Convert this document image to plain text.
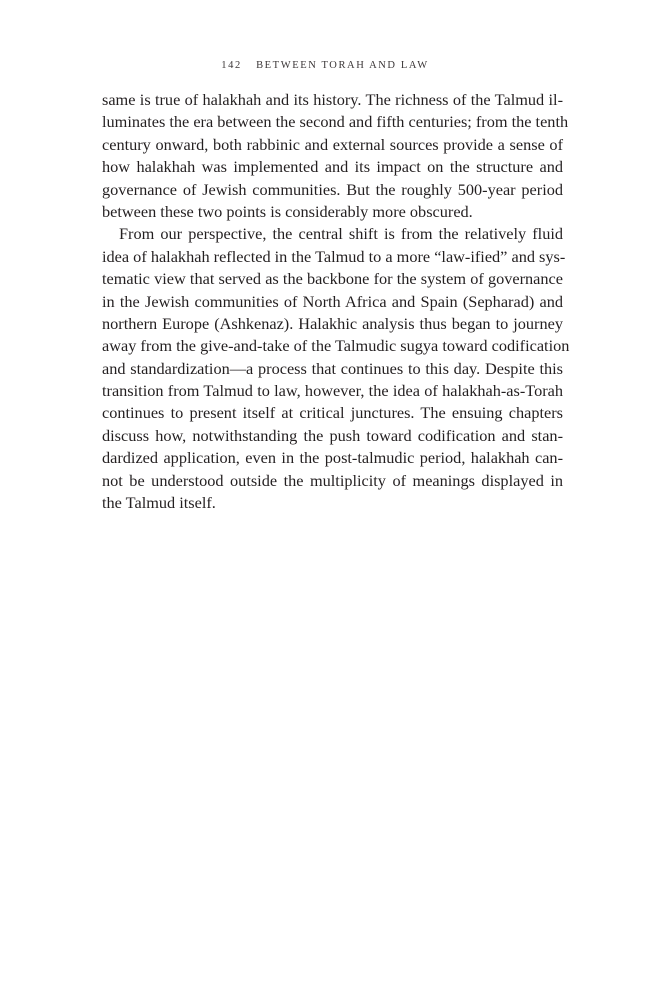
142 BETWEEN TORAH AND LAW
same is true of halakhah and its history. The richness of the Talmud il-
luminates the era between the second and fifth centuries; from the tenth
century onward, both rabbinic and external sources provide a sense of
how halakhah was implemented and its impact on the structure and
governance of Jewish communities. But the roughly 500-year period
between these two points is considerably more obscured.
From our perspective, the central shift is from the relatively fluid
idea of halakhah reflected in the Talmud to a more “law-ified” and sys-
tematic view that served as the backbone for the system of governance
in the Jewish communities of North Africa and Spain (Sepharad) and
northern Europe (Ashkenaz). Halakhic analysis thus began to journey
away from the give-and-take of the Talmudic sugya toward codification
and standardization—a process that continues to this day. Despite this
transition from Talmud to law, however, the idea of halakhah-as-Torah
continues to present itself at critical junctures. The ensuing chapters
discuss how, notwithstanding the push toward codification and stan-
dardized application, even in the post-talmudic period, halakhah can-
not be understood outside the multiplicity of meanings displayed in
the Talmud itself.
